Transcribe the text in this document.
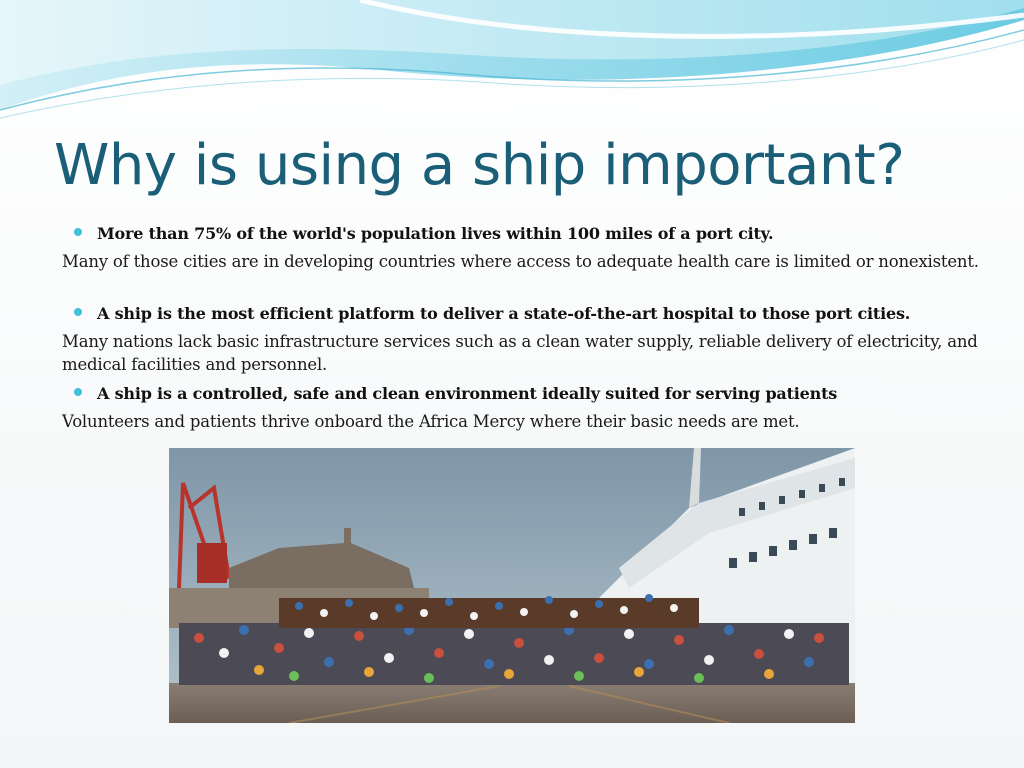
Why is using a ship important?
More than 75% of the world's population lives within 100 miles of a port city.

Many of those cities are in developing countries where access to adequate health care is limited or nonexistent.

A ship is the most efficient platform to deliver a state-of-the-art hospital to those port cities.

Many nations lack basic infrastructure services such as a clean water supply, reliable delivery of electricity, and medical facilities and personnel.

A ship is a controlled, safe and clean environment ideally suited for serving patients

Volunteers and patients thrive onboard the Africa Mercy where their basic needs are met.
